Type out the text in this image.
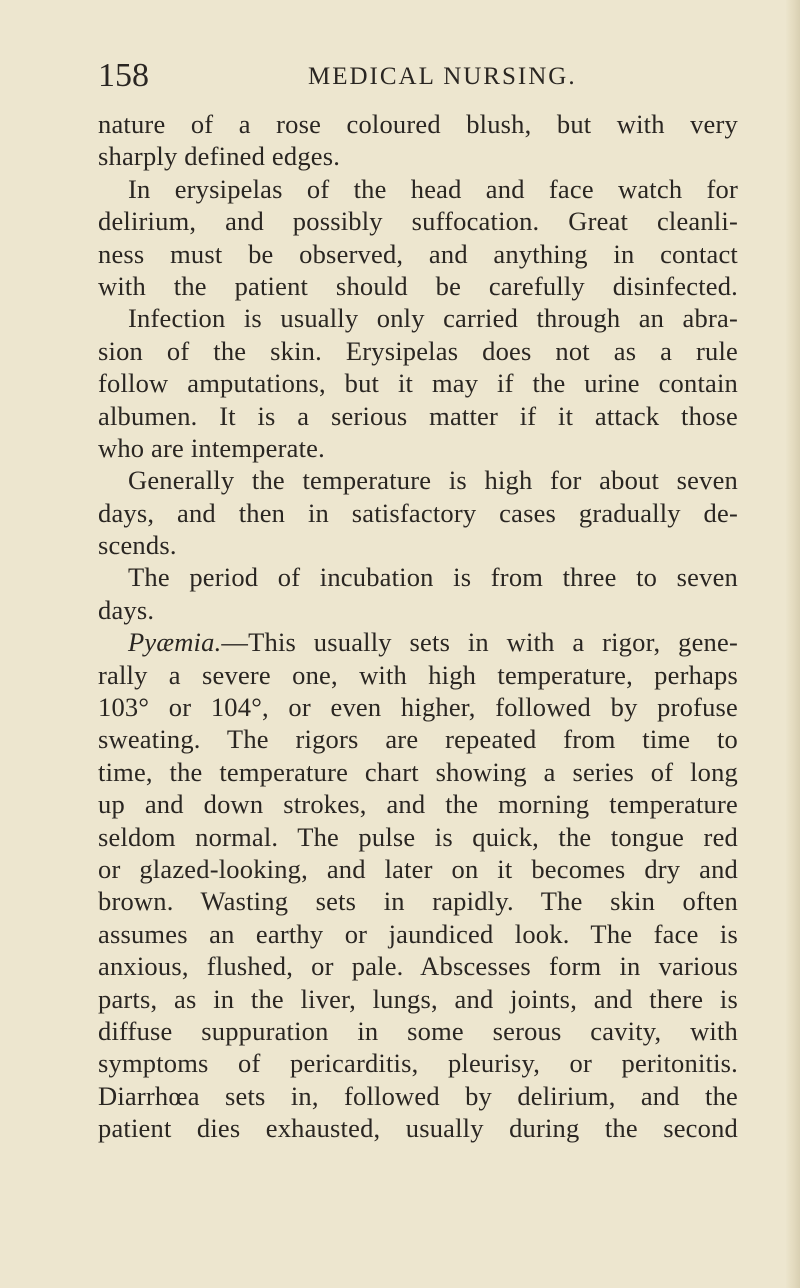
158	MEDICAL NURSING.
nature of a rose coloured blush, but with very
sharply defined edges.
In erysipelas of the head and face watch for
delirium, and possibly suffocation. Great cleanli-
ness must be observed, and anything in contact
with the patient should be carefully disinfected.
Infection is usually only carried through an abra-
sion of the skin. Erysipelas does not as a rule
follow amputations, but it may if the urine contain
albumen. It is a serious matter if it attack those
who are intemperate.
Generally the temperature is high for about seven
days, and then in satisfactory cases gradually de-
scends.
The period of incubation is from three to seven
days.
Pyæmia.—This usually sets in with a rigor, gene-
rally a severe one, with high temperature, perhaps
103° or 104°, or even higher, followed by profuse
sweating. The rigors are repeated from time to
time, the temperature chart showing a series of long
up and down strokes, and the morning temperature
seldom normal. The pulse is quick, the tongue red
or glazed-looking, and later on it becomes dry and
brown. Wasting sets in rapidly. The skin often
assumes an earthy or jaundiced look. The face is
anxious, flushed, or pale. Abscesses form in various
parts, as in the liver, lungs, and joints, and there is
diffuse suppuration in some serous cavity, with
symptoms of pericarditis, pleurisy, or peritonitis.
Diarrhœa sets in, followed by delirium, and the
patient dies exhausted, usually during the second
